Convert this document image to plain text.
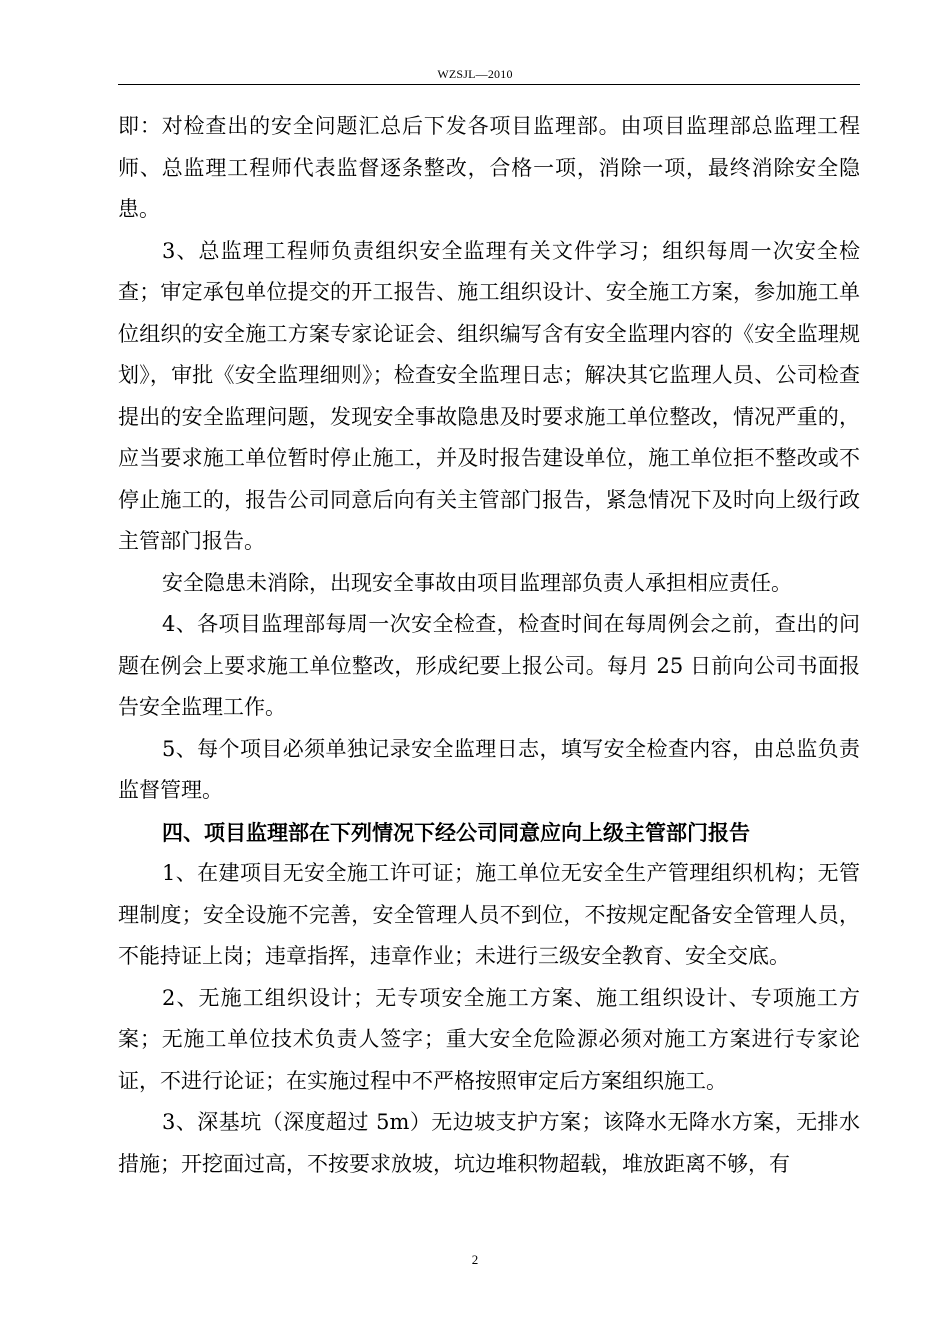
WZSJL—2010

即：对检查出的安全问题汇总后下发各项目监理部。由项目监理部总监理工程师、总监理工程师代表监督逐条整改，合格一项，消除一项，最终消除安全隐患。

3、总监理工程师负责组织安全监理有关文件学习；组织每周一次安全检查；审定承包单位提交的开工报告、施工组织设计、安全施工方案，参加施工单位组织的安全施工方案专家论证会、组织编写含有安全监理内容的《安全监理规划》，审批《安全监理细则》；检查安全监理日志；解决其它监理人员、公司检查提出的安全监理问题，发现安全事故隐患及时要求施工单位整改，情况严重的，应当要求施工单位暂时停止施工，并及时报告建设单位，施工单位拒不整改或不停止施工的，报告公司同意后向有关主管部门报告，紧急情况下及时向上级行政主管部门报告。

安全隐患未消除，出现安全事故由项目监理部负责人承担相应责任。

4、各项目监理部每周一次安全检查，检查时间在每周例会之前，查出的问题在例会上要求施工单位整改，形成纪要上报公司。每月 25 日前向公司书面报告安全监理工作。

5、每个项目必须单独记录安全监理日志，填写安全检查内容，由总监负责监督管理。

四、项目监理部在下列情况下经公司同意应向上级主管部门报告

1、在建项目无安全施工许可证；施工单位无安全生产管理组织机构；无管理制度；安全设施不完善，安全管理人员不到位，不按规定配备安全管理人员，不能持证上岗；违章指挥，违章作业；未进行三级安全教育、安全交底。

2、无施工组织设计；无专项安全施工方案、施工组织设计、专项施工方案；无施工单位技术负责人签字；重大安全危险源必须对施工方案进行专家论证，不进行论证；在实施过程中不严格按照审定后方案组织施工。

3、深基坑（深度超过 5m）无边坡支护方案；该降水无降水方案，无排水措施；开挖面过高，不按要求放坡，坑边堆积物超载，堆放距离不够，有

2
